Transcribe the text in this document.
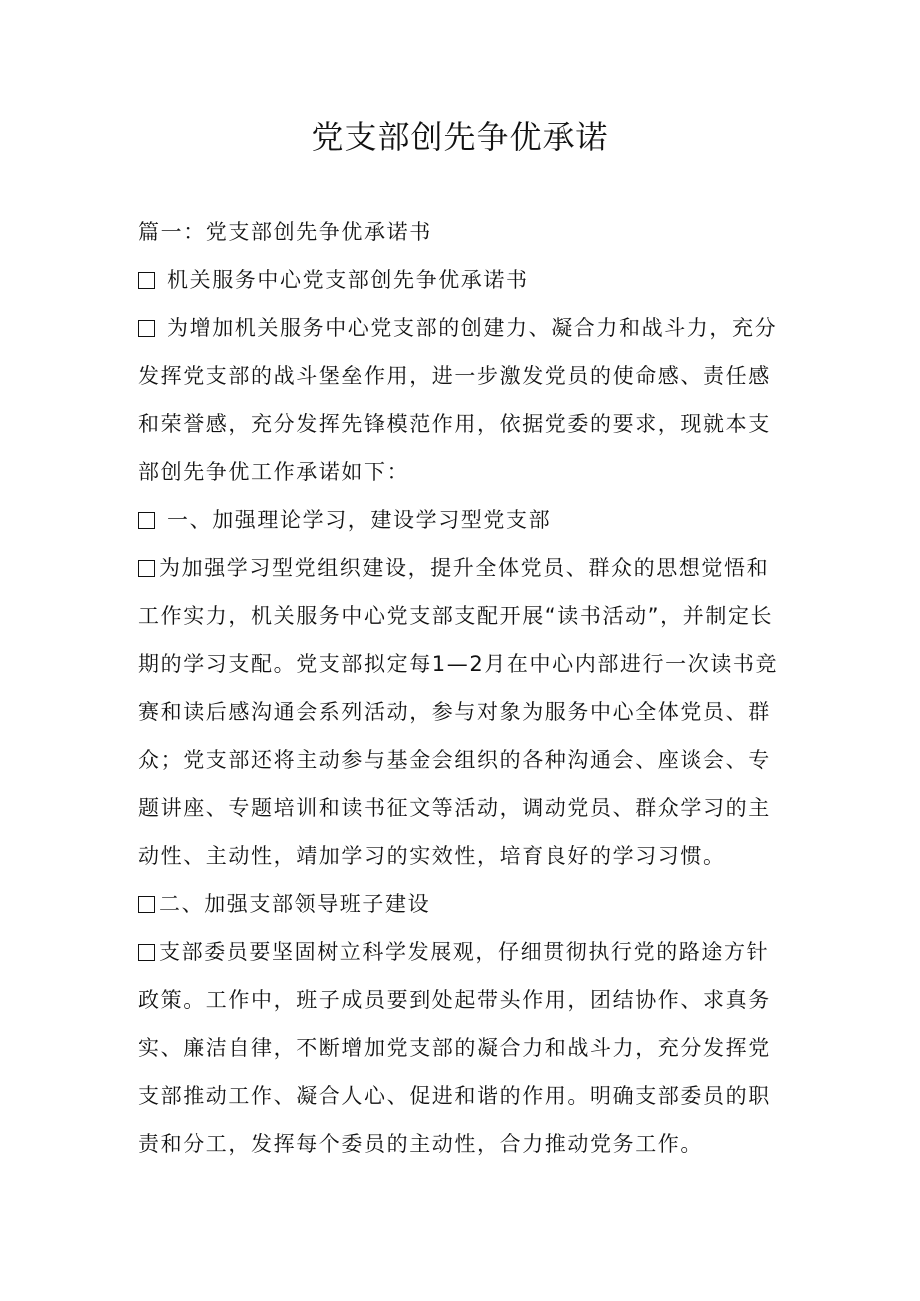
党支部创先争优承诺

篇一：党支部创先争优承诺书

机关服务中心党支部创先争优承诺书

为增加机关服务中心党支部的创建力、凝合力和战斗力，充分发挥党支部的战斗堡垒作用，进一步激发党员的使命感、责任感和荣誉感，充分发挥先锋模范作用，依据党委的要求，现就本支部创先争优工作承诺如下：

一、加强理论学习，建设学习型党支部

为加强学习型党组织建设，提升全体党员、群众的思想觉悟和工作实力，机关服务中心党支部支配开展“读书活动”，并制定长期的学习支配。党支部拟定每1—2月在中心内部进行一次读书竞赛和读后感沟通会系列活动，参与对象为服务中心全体党员、群众；党支部还将主动参与基金会组织的各种沟通会、座谈会、专题讲座、专题培训和读书征文等活动，调动党员、群众学习的主动性、主动性，靖加学习的实效性，培育良好的学习习惯。

二、加强支部领导班子建设

支部委员要坚固树立科学发展观，仔细贯彻执行党的路途方针政策。工作中，班子成员要到处起带头作用，团结协作、求真务实、廉洁自律，不断增加党支部的凝合力和战斗力，充分发挥党支部推动工作、凝合人心、促进和谐的作用。明确支部委员的职责和分工，发挥每个委员的主动性，合力推动党务工作。
